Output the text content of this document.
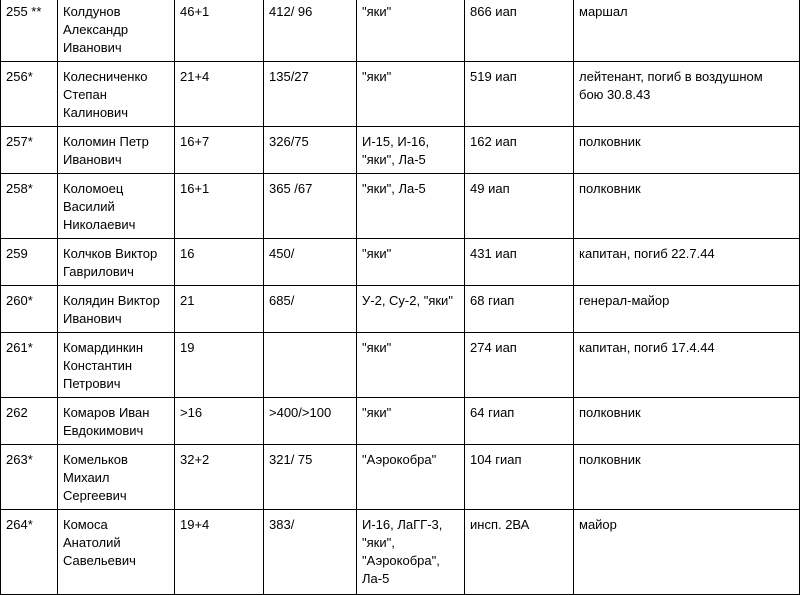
255 **	Колдунов
Александр
Иванович	46+1	412/ 96	"яки"	866 иап	маршал
256*	Колесниченко
Степан
Калинович	21+4	135/27	"яки"	519 иап	лейтенант, погиб в воздушном
бою 30.8.43
257*	Коломин Петр
Иванович	16+7	326/75	И-15, И-16,
"яки", Ла-5	162 иап	полковник
258*	Коломоец
Василий
Николаевич	16+1	365 /67	"яки", Ла-5	49 иап	полковник
259	Колчков Виктор
Гаврилович	16	450/	"яки"	431 иап	капитан, погиб 22.7.44
260*	Колядин Виктор
Иванович	21	685/	У-2, Су-2, "яки"	68 гиап	генерал-майор
261*	Комардинкин
Константин
Петрович	19		"яки"	274 иап	капитан, погиб 17.4.44
262	Комаров Иван
Евдокимович	>16	>400/>100	"яки"	64 гиап	полковник
263*	Комельков
Михаил
Сергеевич	32+2	321/ 75	"Аэрокобра"	104 гиап	полковник
264*	Комоса
Анатолий
Савельевич	19+4	383/	И-16, ЛаГГ-3,
"яки",
"Аэрокобра",
Ла-5	инсп. 2ВА	майор
